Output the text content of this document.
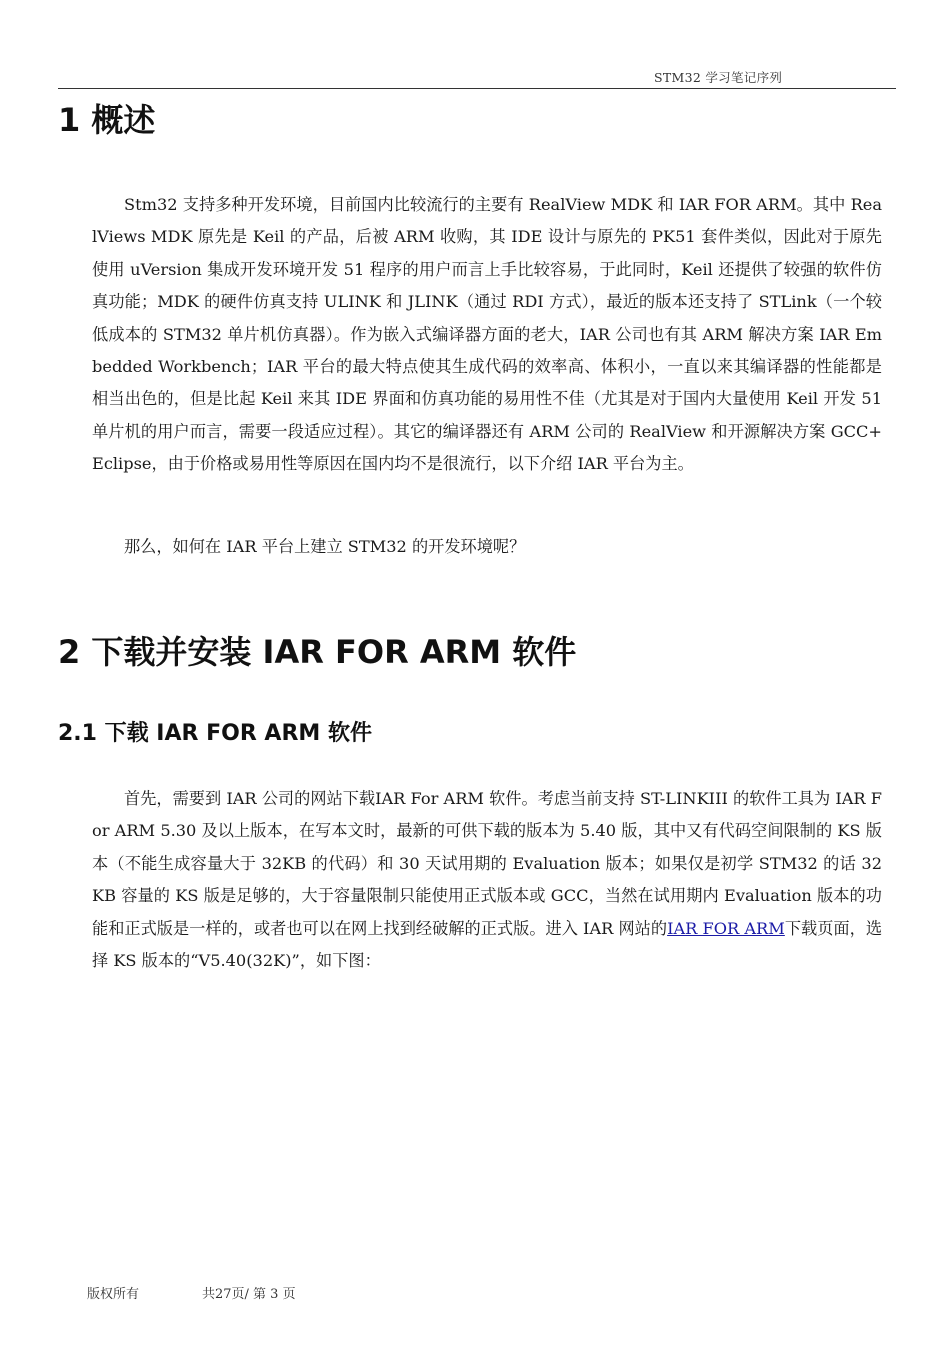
STM32 学习笔记序列
1 概述

Stm32 支持多种开发环境，目前国内比较流行的主要有 RealView MDK 和 IAR FOR ARM。其中 RealViews MDK 原先是 Keil 的产品，后被 ARM 收购，其 IDE 设计与原先的 PK51 套件类似，因此对于原先使用 uVersion 集成开发环境开发 51 程序的用户而言上手比较容易，于此同时，Keil 还提供了较强的软件仿真功能；MDK 的硬件仿真支持 ULINK 和 JLINK（通过 RDI 方式），最近的版本还支持了 STLink（一个较低成本的 STM32 单片机仿真器）。作为嵌入式编译器方面的老大，IAR 公司也有其 ARM 解决方案 IAR Embedded Workbench；IAR 平台的最大特点使其生成代码的效率高、体积小，一直以来其编译器的性能都是相当出色的，但是比起 Keil 来其 IDE 界面和仿真功能的易用性不佳（尤其是对于国内大量使用 Keil 开发 51 单片机的用户而言，需要一段适应过程）。其它的编译器还有 ARM 公司的 RealView 和开源解决方案 GCC+Eclipse，由于价格或易用性等原因在国内均不是很流行，以下介绍 IAR 平台为主。

那么，如何在 IAR 平台上建立 STM32 的开发环境呢？

2 下载并安装 IAR FOR ARM 软件
2.1 下载 IAR FOR ARM 软件

首先，需要到 IAR 公司的网站下载IAR For ARM 软件。考虑当前支持 ST-LINKIII 的软件工具为 IAR For ARM 5.30 及以上版本，在写本文时，最新的可供下载的版本为 5.40 版，其中又有代码空间限制的 KS 版本（不能生成容量大于 32KB 的代码）和 30 天试用期的 Evaluation 版本；如果仅是初学 STM32 的话 32KB 容量的 KS 版是足够的，大于容量限制只能使用正式版本或 GCC，当然在试用期内 Evaluation 版本的功能和正式版是一样的，或者也可以在网上找到经破解的正式版。进入 IAR 网站的IAR FOR ARM下载页面，选择 KS 版本的“V5.40(32K)”，如下图：

版权所有	共27页/ 第 3 页
